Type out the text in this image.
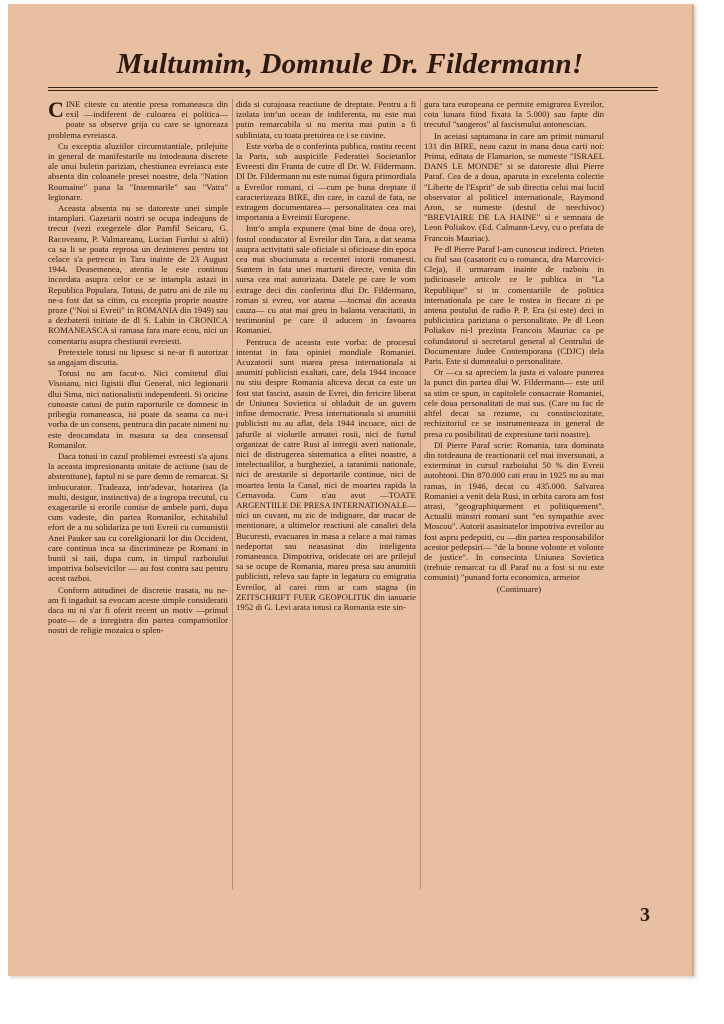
Multumim, Domnule Dr. Fildermann!

CINE citeste cu atentie presa romaneasca din exil —indiferent de culoarea ei politica— poate sa observe grija cu care se ignoreaza problema evreiasca.

Cu exceptia aluziilor circumstantiale, prilejuite in general de manifestarile nu intodeauna discrete ale unui buletin parizian, chestiunea evreiasca este absenta din coloanele presei noastre, dela "Nation Roumaine" pana la "Insemnarile" sau "Vatra" legionare.

Aceasta absenta nu se datoreste unei simple intamplari. Gazetarii nostri se ocupa indeajuns de trecut (vezi exegezele dlor Pamfil Seicaru, G. Racoveanu, P. Valmareanu, Lucian Furdui si altii) ca sa li se poata reprosa un dezinteres pentru tot celace s'a petrecut in Tara inainte de 23 August 1944. Deasemenea, atentia le este continuu incordata asupra celor ce se intampla astazi in Republica Populara. Totusi, de patru ani de zile nu ne-a fost dat sa citim, cu exceptia proprie noastre proze ("Noi si Evreii" in ROMANIA din 1949) sau a dezbaterii initiate de dl S. Labin in CRONICA ROMANEASCA si ramasa fara mare ecou, nici un comentariu asupra chestiunii evreiesti.

Pretextele totusi nu lipsesc si ne-ar fi autorizat sa angajam discutia.

Totusi nu am facut-o. Nici comitetul dlui Visoianu, nici ligistii dlui General, nici legionarii dlui Sima, nici nationalistii independenti. Si oricine cunoaste catusi de putin raporturile ce domnesc in pribegia romaneasca, isi poate da seama ca nu-i vorba de un consens, pentruca din pacate nimeni nu este deocamdata in masura sa dea consensul Romanilor.

Daca totusi in cazul problemei evreesti s'a ajuns la aceasta impresionanta unitate de actiune (sau de abstentiune), faptul ni se pare demn de remarcat. Si imbucurator. Tradeaza, intr'adevar, hotarirea (la multi, desigur, instinctiva) de a ingropa trecutul, cu exagerarile si erorile comise de ambele parti, dupa cum vadeste, din partea Romanilor, echitabilul efort de a nu solidariza pe toti Evreii cu comunistii Anei Pauker sau cu coreligionarii lor din Occident, care continua inca sa discrimineze pe Romani in bunii si raii, dupa cum, in timpul razboiului impotriva bolsevicilor — au fost contra sau pentru acest razboi.

Conform atitudinei de discretie trasata, nu ne-am fi ingaduit sa evocam aceste simple consideratii daca nu ni s'ar fi oferit recent un motiv —primul poate— de a inregistra din partea compatriotilor nostri de religie mozaica o splen-

dida si curajoasa reactiune de dreptate. Pentru a fi izolata intr'un ocean de indiferenta, nu este mai putin remarcabila si nu merita mai putin a fi subliniata, cu toata pretuirea ce i se cuvine.

Este vorba de o conferinta publica, rostita recent la Paris, sub auspiciile Federatiei Societatilor Evreesti din Franta de catre dl Dr. W. Fildermann. Dl Dr. Fildermann nu este numai figura primordiala a Evreilor romani, ci —cum pe buna dreptate il caracterizeaza BIRE, din care, in cazul de fata, ne extragem documentarea— personalitatea cea mai importanta a Evreimii Europene.

Intr'o ampla expunere (mai bine de doua ore), fostul conducator al Evreilor din Tara, a dat seama asupra activitatii sale oficiale si oficioase din epoca cea mai sbuciumata a recentei istorii romanesti. Suntem in fata unei marturii directe, venita din sursa cea mai autorizata. Datele pe care le vom extrage deci din conferinta dlui Dr. Fildermann, roman si evreu, vor atarna —tocmai din aceasta cauza— cu atat mai greu in balanta veracitatii, in testimoniul pe care il aducem in favoarea Romaniei.

Pentruca de aceasta este vorba: de procesul intentat in fata opiniei mondiale Romaniei. Acuzatorii sunt marea presa internationala si anumiti publicisti exaltati, care, dela 1944 incoace nu stiu despre Romania altceva decat ca este un fost stat fascist, asasin de Evrei, din fericire liberat de Uniunea Sovietica si obladuit de un guvern infine democratic. Presa internationala si anumitii publicisti nu au aflat, dela 1944 incoace, nici de jafurile si violurile armatei rosii, nici de furtul organizat de catre Rusi al intregii averi nationale, nici de distrugerea sistematica a elitei noastre, a intelectualilor, a burgheziei, a taranimii nationale, nici de arestarile si deportarile continue, nici de moartea lenta la Canal, nici de moartea rapida la Cernavoda. Cum n'au avut —TOATE ARGENTIILE DE PRESA INTERNATIONALE— nici un cuvant, nu zic de indignare, dar macar de mentionare, a ultimelor reactiuni ale canaliei dela Bucuresti, evacuarea in masa a celace a mai ramas nedeportat sau neasasinat din inteligenta romaneasca. Dimpotriva, oridecate ori are prilejul sa se ocupe de Romania, marea presa sau anumitii publicisti, releva sau fapte in legatura cu emigratia Evreilor, al carei ritm ar cam stagna (in ZEITSCHRIFT FUER GEOPOLITIK din ianuarie 1952 di G. Levi arata totusi ca Romania este sin-

gura tara europeana ce permite emigrarea Evreilor, cota lunara fiind fixata la 5.000) sau fapte din trecutul "sangeros" al fascismului antonescian.

In aceiasi saptamana in care am primit numarul 131 din BIRE, neau cazut in mana doua carti noi: Prima, editata de Flamarion, se numeste "ISRAEL DANS LE MONDE" si se datoreste dlui Pierre Paraf. Cea de a doua, aparuta in excelenta colectie "Liberte de l'Esprit" de sub directia celui mai lucid observator al politicel internationale, Raymond Aron, se numeste (destul de neechivoc) "BREVIAIRE DE LA HAINE" si e semnata de Leon Poliakov. (Ed. Calmann-Levy, cu o prefata de Francois Mauriac).

Pe dl Pierre Paraf l-am cunoscut indirect. Prieten cu fiul sau (casatorit cu o romanca, dra Marcovici-Cleja), il urmaream inainte de razboiu in judicioasele articole ce le publica in "La Republique" si in comentariile de politica internationala pe care le rostea in fiecare zi pe antena postului de radio P. P. Era (si este) deci in publicistica pariziana o personalitate. Pe dl Leon Poliakov ni-l prezinta Francois Mauriac ca pe cofundatorul si secretarul general al Centrului de Documentare Judee Contemporana (CDJC) dela Paris. Este si dumnealui o personalitate.

Or —ca sa apreciem la justa ei valoare punerea la punct din partea dlui W. Fildermann— este util sa stim ce spun, in capitolele consacrate Romaniei, cele doua personalitati de mai sus. (Care nu fac de altfel decat sa rezume, cu constinciozitate, rechizitoriul ce se instrumenteaza in general de presa cu posibilitati de expresiune tarii noastre).

Dl Pierre Paraf scrie: Romania, tara dominata din totdeauna de reactionarii cel mai inversunati, a exterminat in cursul razboiului 50 % din Evreii autohtoni. Din 870.000 cati erau in 1925 nu au mai ramas, in 1946, decat cu 435.000. Salvarea Romaniei a venit dela Rusi, in orbita carora am fost atrasi, "geographiquement et politiquement". Actualii minstri romani sunt "en sympathie avec Moscou". Autorii asasinatelor impotriva evreilor au fost aspru pedepsiti, cu —din partea responsabililor acestor pedepsiri— "de la bonne volonte et volonte de justice". In consecinta Uniunea Sovietica (trebuie remarcat ca dl Paraf nu a fost si nu este comunist) "punand forta economica, armeior

(Continuare)

3
